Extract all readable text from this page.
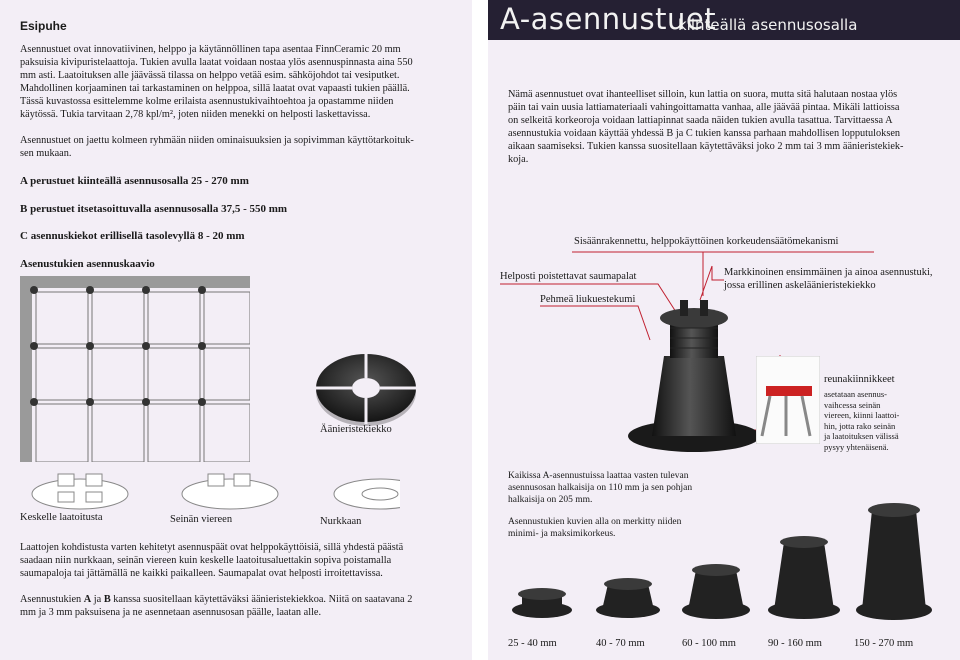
Esipuhe

Asennustuet ovat innovatiivinen, helppo ja käytännöllinen tapa asentaa FinnCeramic 20 mm
paksuisia kivipuristelaattoja. Tukien avulla laatat voidaan nostaa ylös asennuspinnasta aina 550
mm asti. Laatoituksen alle jäävässä tilassa on helppo vetää esim. sähköjohdot tai vesiputket.
Mahdollinen korjaaminen tai tarkastaminen on helppoa, sillä laatat ovat vapaasti tukien päällä.
Tässä kuvastossa esittelemme kolme erilaista asennustukivaihtoehtoa ja opastamme niiden
käytössä. Tukia tarvitaan 2,78 kpl/m², joten niiden menekki on helposti laskettavissa.
Asennustuet on jaettu kolmeen ryhmään niiden ominaisuuksien ja sopivimman käyttötarkoituk-
sen mukaan.

A perustuet kiinteällä asennusosalla 25 - 270 mm

B perustuet itsetasoittuvalla asennusosalla 37,5 - 550 mm

C asennuskiekot erillisellä tasolevyllä 8 - 20 mm

Asenustukien asennuskaavio

Äänieristekiekko

Keskelle laatoitusta	Seinän viereen	Nurkkaan

Laattojen kohdistusta varten kehitetyt asennuspäät ovat helppokäyttöisiä, sillä yhdestä päästä
saadaan niin nurkkaan, seinän viereen kuin keskelle laatoitusaluettakin sopiva poistamalla
saumapaloja tai jättämällä ne kaikki paikalleen. Saumapalat ovat helposti irroitettavissa.
Asennustukien A ja B kanssa suositellaan käytettäväksi äänieristekiekkoa. Niitä on saatavana 2
mm ja 3 mm paksuisena ja ne asennetaan asennusosan päälle, laatan alle.
A-asennustuet
kiinteällä asennusosalla
Nämä asennustuet ovat ihanteelliset silloin, kun lattia on suora, mutta sitä halutaan nostaa ylös
päin tai vain uusia lattiamateriaali vahingoittamatta vanhaa, alle jäävää pintaa. Mikäli lattioissa
on selkeitä korkeoroja voidaan lattiapinnat saada näiden tukien avulla tasattua. Tarvittaessa A
asennustukia voidaan käyttää yhdessä B ja C tukien kanssa parhaan mahdollisen lopputuloksen
aikaan saamiseksi. Tukien kanssa suositellaan käytettäväksi joko 2 mm tai 3 mm äänieristekiek-
koja.

Sisäänrakennettu, helppokäyttöinen korkeudensäätömekanismi

Helposti poistettavat saumapalat	Markkinoinen ensimmäinen ja ainoa asennustuki,

jossa erillinen askeläänieristekiekko

Pehmeä liukuestekumi

reunakiinnikkeet

asetataan asennus-
vaihcessa seinän
viereen, kiinni laattoi-
hin, jotta rako seinän
ja laatoituksen välissä
pysyy yhtenäisenä.
Kaikissa A-asennustuissa laattaa vasten tulevan
asennusosan halkaisija on 110 mm ja sen pohjan
halkaisija on 205 mm.
Asennustukien kuvien alla on merkitty niiden
minimi- ja maksimikorkeus.

25 - 40 mm	40 - 70 mm	60 - 100 mm	90 - 160 mm	150 - 270 mm
